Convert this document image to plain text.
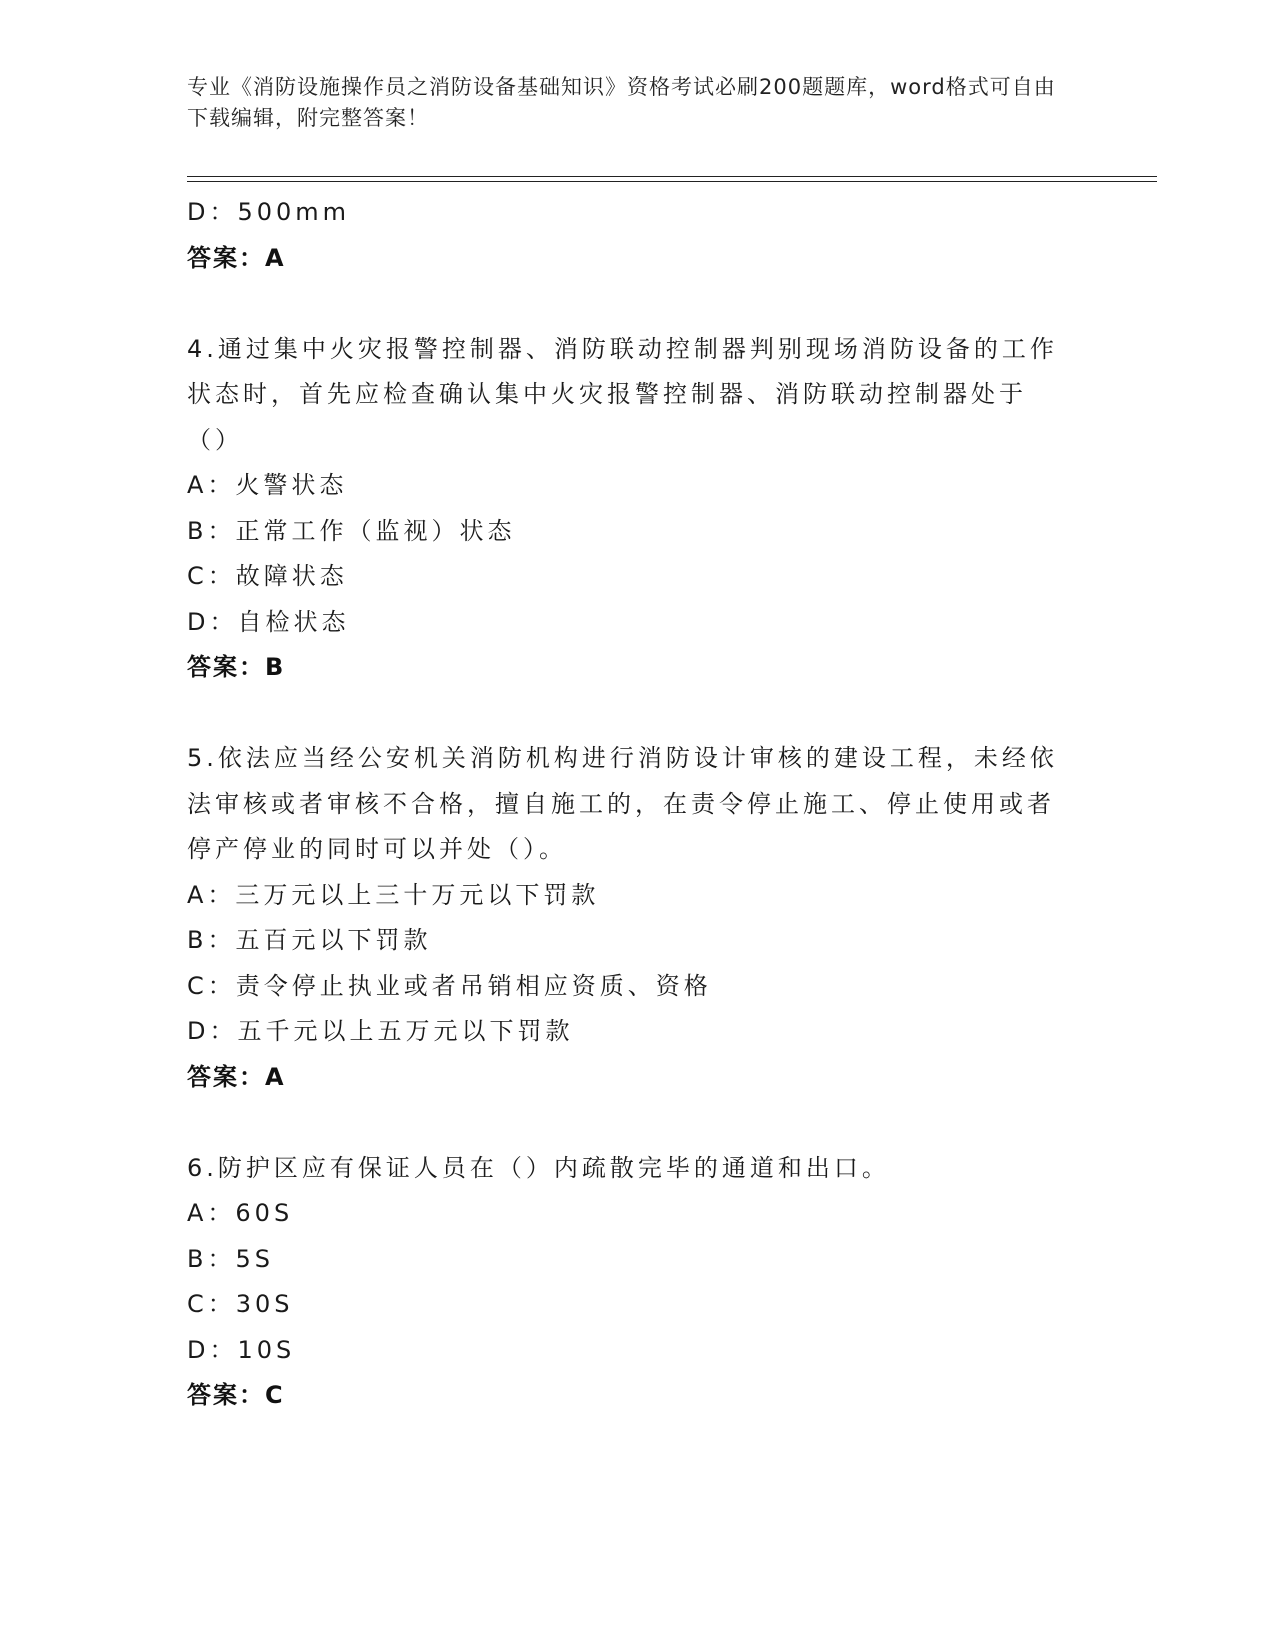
专业《消防设施操作员之消防设备基础知识》资格考试必刷200题题库，word格式可自由下载编辑，附完整答案！
D：500mm
答案：A
4.通过集中火灾报警控制器、消防联动控制器判别现场消防设备的工作状态时，首先应检查确认集中火灾报警控制器、消防联动控制器处于（）
A：火警状态
B：正常工作（监视）状态
C：故障状态
D：自检状态
答案：B
5.依法应当经公安机关消防机构进行消防设计审核的建设工程，未经依法审核或者审核不合格，擅自施工的，在责令停止施工、停止使用或者停产停业的同时可以并处（）。
A：三万元以上三十万元以下罚款
B：五百元以下罚款
C：责令停止执业或者吊销相应资质、资格
D：五千元以上五万元以下罚款
答案：A
6.防护区应有保证人员在（）内疏散完毕的通道和出口。
A：60S
B：5S
C：30S
D：10S
答案：C
